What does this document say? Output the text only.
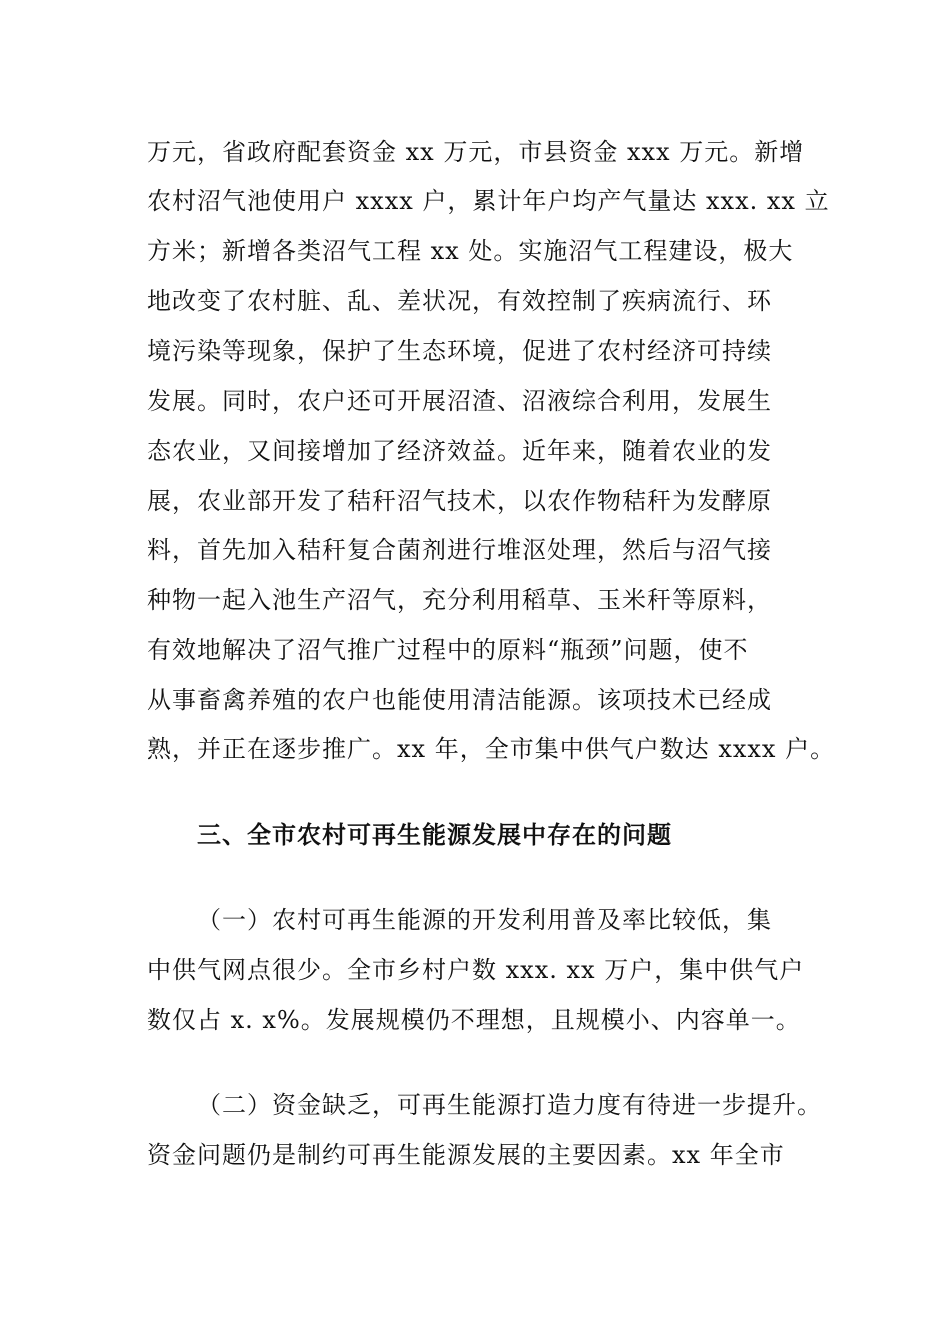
万元，省政府配套资金 xx 万元，市县资金 xxx 万元。新增
农村沼气池使用户 xxxx 户，累计年户均产气量达 xxx. xx 立
方米；新增各类沼气工程 xx 处。实施沼气工程建设，极大
地改变了农村脏、乱、差状况，有效控制了疾病流行、环
境污染等现象，保护了生态环境，促进了农村经济可持续
发展。同时，农户还可开展沼渣、沼液综合利用，发展生
态农业，又间接增加了经济效益。近年来，随着农业的发
展，农业部开发了秸秆沼气技术，以农作物秸秆为发酵原
料，首先加入秸秆复合菌剂进行堆沤处理，然后与沼气接
种物一起入池生产沼气，充分利用稻草、玉米秆等原料，
有效地解决了沼气推广过程中的原料“瓶颈”问题，使不
从事畜禽养殖的农户也能使用清洁能源。该项技术已经成
熟，并正在逐步推广。xx 年，全市集中供气户数达 xxxx 户。
三、全市农村可再生能源发展中存在的问题
（一）农村可再生能源的开发利用普及率比较低，集
中供气网点很少。全市乡村户数 xxx. xx 万户，集中供气户
数仅占 x. x%。发展规模仍不理想，且规模小、内容单一。
（二）资金缺乏，可再生能源打造力度有待进一步提升。
资金问题仍是制约可再生能源发展的主要因素。xx 年全市
